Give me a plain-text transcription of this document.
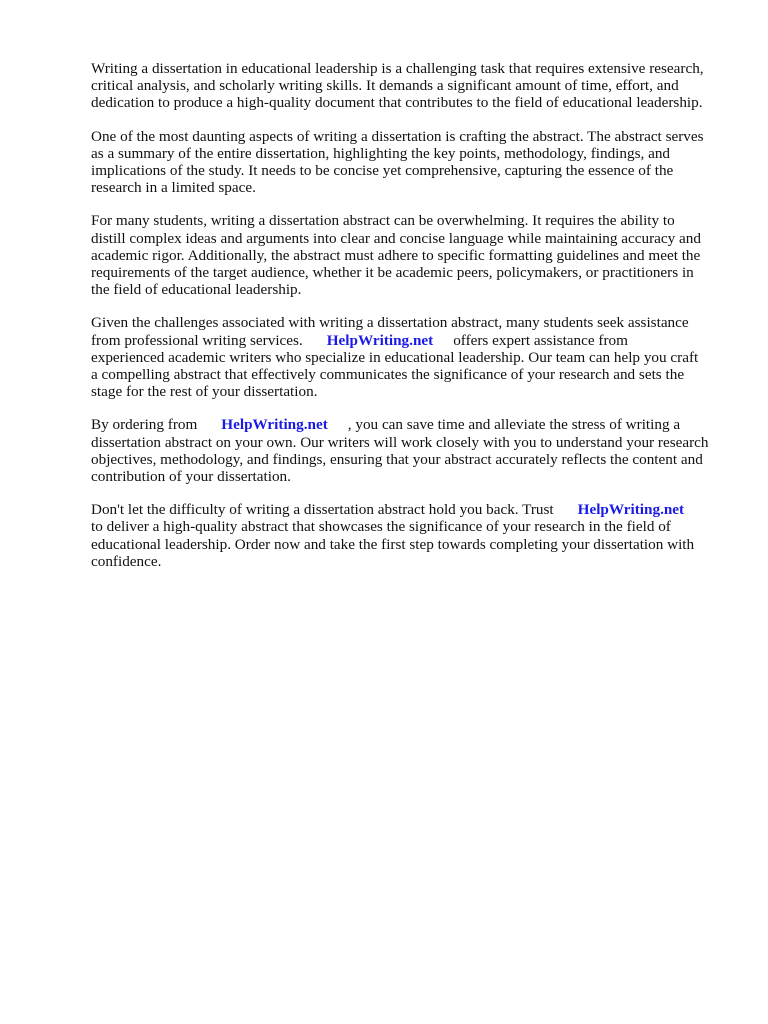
Writing a dissertation in educational leadership is a challenging task that requires extensive research,
critical analysis, and scholarly writing skills. It demands a significant amount of time, effort, and
dedication to produce a high-quality document that contributes to the field of educational leadership.

One of the most daunting aspects of writing a dissertation is crafting the abstract. The abstract serves
as a summary of the entire dissertation, highlighting the key points, methodology, findings, and
implications of the study. It needs to be concise yet comprehensive, capturing the essence of the
research in a limited space.

For many students, writing a dissertation abstract can be overwhelming. It requires the ability to
distill complex ideas and arguments into clear and concise language while maintaining accuracy and
academic rigor. Additionally, the abstract must adhere to specific formatting guidelines and meet the
requirements of the target audience, whether it be academic peers, policymakers, or practitioners in
the field of educational leadership.

Given the challenges associated with writing a dissertation abstract, many students seek assistance
from professional writing services. HelpWriting.net offers expert assistance from
experienced academic writers who specialize in educational leadership. Our team can help you craft
a compelling abstract that effectively communicates the significance of your research and sets the
stage for the rest of your dissertation.

By ordering from HelpWriting.net , you can save time and alleviate the stress of writing a
dissertation abstract on your own. Our writers will work closely with you to understand your research
objectives, methodology, and findings, ensuring that your abstract accurately reflects the content and
contribution of your dissertation.

Don't let the difficulty of writing a dissertation abstract hold you back. Trust HelpWriting.net
to deliver a high-quality abstract that showcases the significance of your research in the field of
educational leadership. Order now and take the first step towards completing your dissertation with
confidence.
